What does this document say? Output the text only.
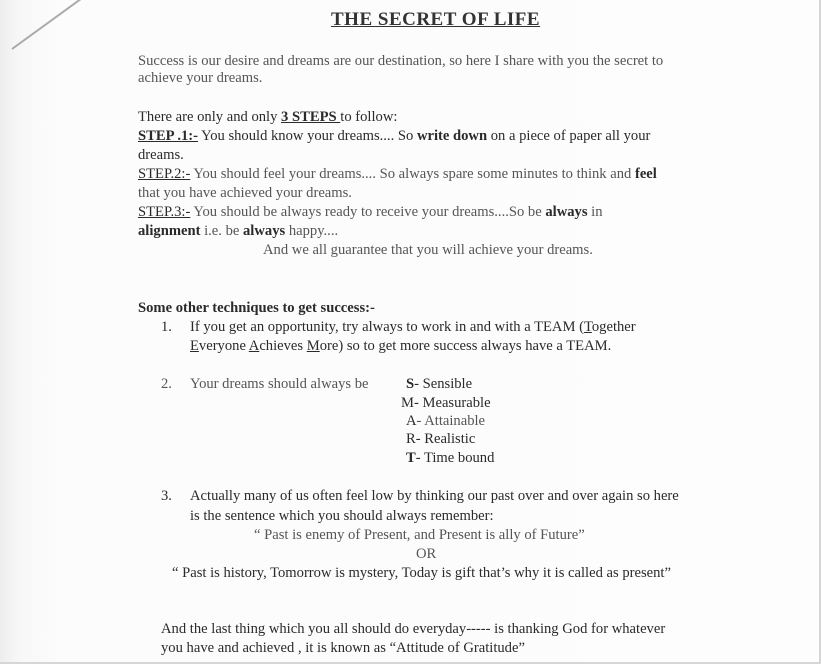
THE SECRET OF LIFE
Success is our desire and dreams are our destination, so here I share with you the secret to
achieve your dreams.
There are only and only 3 STEPS to follow:
STEP .1:- You should know your dreams.... So write down on a piece of paper all your
dreams.
STEP.2:- You should feel your dreams.... So always spare some minutes to think and feel
that you have achieved your dreams.
STEP.3:- You should be always ready to receive your dreams....So be always in
alignment i.e. be always happy....
And we all guarantee that you will achieve your dreams.
Some other techniques to get success:-
1. If you get an opportunity, try always to work in and with a TEAM (Together
Everyone Achieves More) so to get more success always have a TEAM.
2. Your dreams should always be	S- Sensible
M- Measurable
A- Attainable
R- Realistic
T- Time bound
3. Actually many of us often feel low by thinking our past over and over again so here
is the sentence which you should always remember:
“ Past is enemy of Present, and Present is ally of Future”
OR
“ Past is history, Tomorrow is mystery, Today is gift that’s why it is called as present”
And the last thing which you all should do everyday----- is thanking God for whatever
you have and achieved , it is known as “Attitude of Gratitude”
